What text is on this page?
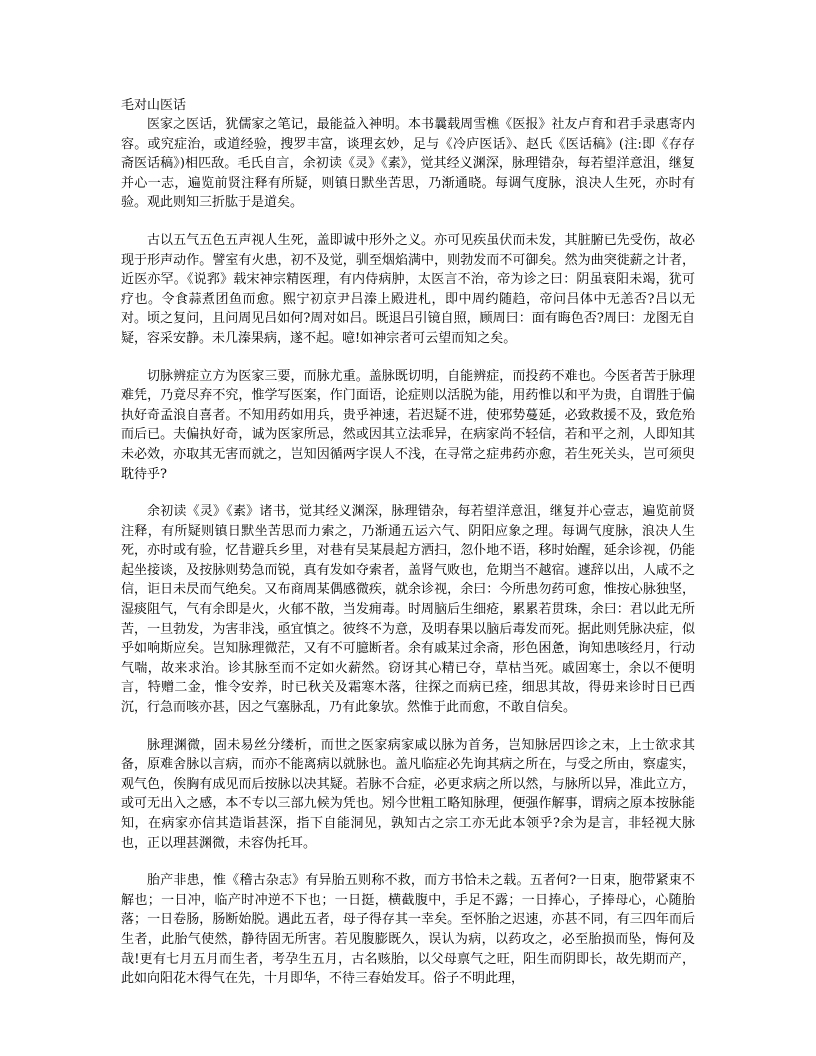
毛对山医话

医家之医话，犹儒家之笔记，最能益入神明。本书曩载周雪樵《医报》社友卢育和君手录惠寄内容。或究症治，或道经验，搜罗丰富，谈理玄妙，足与《冷庐医话》、赵氏《医话稿》(注:即《存存斋医话稿》)相匹敌。毛氏自言，余初读《灵》《素》，觉其经义渊深，脉理错杂，每若望洋意沮，继复并心一志，遍览前贤注释有所疑，则镇日默坐苦思，乃渐通晓。每调气度脉，浪决人生死，亦时有验。观此则知三折肱于是道矣。

古以五气五色五声视人生死，盖即诚中形外之义。亦可见疾虽伏而未发，其脏腑已先受伤，故必现于形声动作。譬室有火患，初不及觉，驯至烟焰满中，则勃发而不可御矣。然为曲突徙薪之计者，近医亦罕。《说郛》载宋神宗精医理，有内侍病肿，太医言不治，帝为诊之曰：阴虽衰阳未竭，犹可疗也。令食蒜煮团鱼而愈。熙宁初京尹吕溱上殿进札，即中周约随趋，帝问吕体中无恙否?吕以无对。顷之复问，且问周见吕如何?周对如吕。既退吕引镜自照，顾周曰：面有晦色否?周曰：龙图无自疑，容采安静。未几溱果病，遂不起。噫!如神宗者可云望而知之矣。

切脉辨症立方为医家三要，而脉尤重。盖脉既切明，自能辨症，而投药不难也。今医者苦于脉理难凭，乃竟尽弃不究，惟学写医案，作门面语，论症则以活脱为能，用药惟以和平为贵，自谓胜于偏执好奇孟浪自喜者。不知用药如用兵，贵乎神速，若迟疑不进，使邪势蔓延，必致救援不及，致危殆而后已。夫偏执好奇，诚为医家所忌，然或因其立法乖异，在病家尚不轻信，若和平之剂，人即知其未必效，亦取其无害而就之，岂知因循两字误人不浅，在寻常之症弗药亦愈，若生死关头，岂可须臾耽待乎?

余初读《灵》《素》诸书，觉其经义渊深，脉理错杂，每若望洋意沮，继复并心壹志，遍览前贤注释，有所疑则镇日默坐苦思而力索之，乃渐通五运六气、阴阳应象之理。每调气度脉，浪决人生死，亦时或有验，忆昔避兵乡里，对巷有吴某晨起方洒扫，忽仆地不语，移时始醒，延余诊视，仍能起坐接谈，及按脉则势急而锐，真有发如夺索者，盖肾气败也，危期当不越宿。遽辞以出，人咸不之信，讵日未昃而气绝矣。又布商周某偶感微疾，就余诊视，余曰：今所患勿药可愈，惟按心脉独坚，湿痰阻气，气有余即是火，火郁不散，当发痈毒。时周脑后生细疮，累累若贯珠，余曰：君以此无所苦，一旦勃发，为害非浅，亟宜慎之。彼终不为意，及明春果以脑后毒发而死。据此则凭脉决症，似乎如响斯应矣。岂知脉理微茫，又有不可臆断者。余有戚某过余斋，形色困惫，询知患咳经月，行动气喘，故来求治。诊其脉至而不定如火薪然。窃讶其心精已夺，草枯当死。戚固寒士，余以不便明言，特赠二金，惟令安养，时已秋关及霜寒木落，往探之而病已痊，细思其故，得毋来诊时日已西沉，行急而咳亦甚，因之气塞脉乱，乃有此象欤。然惟于此而愈，不敢自信矣。

脉理渊微，固未易丝分缕析，而世之医家病家咸以脉为首务，岂知脉居四诊之末，上士欲求其备，原难舍脉以言病，而亦不能离病以就脉也。盖凡临症必先询其病之所在，与受之所由，察虚实，观气色，俟胸有成见而后按脉以决其疑。若脉不合症，必更求病之所以然，与脉所以异，准此立方，或可无出入之感，本不专以三部九候为凭也。矧今世粗工略知脉理，便强作解事，谓病之原本按脉能知，在病家亦信其造诣甚深，指下自能洞见，孰知古之宗工亦无此本领乎?余为是言，非轻视大脉也，正以理甚渊微，未容伪托耳。

胎产非患，惟《稽古杂志》有异胎五则称不救，而方书恰未之载。五者何?一日束，胞带紧束不解也；一日冲，临产时冲逆不下也；一日挺，横截腹中，手足不露；一日捧心，子捧母心，心随胎落；一日卷肠，肠断始脱。遇此五者，母子得存其一幸矣。至怀胎之迟速，亦甚不同，有三四年而后生者，此胎气使然，静待固无所害。若见腹膨既久，误认为病，以药攻之，必至胎损而坠，悔何及哉!更有七月五月而生者，考孕生五月，古名赅胎，以父母禀气之旺，阳生而阴即长，故先期而产，此如向阳花木得气在先，十月即华，不待三春始发耳。俗子不明此理，
